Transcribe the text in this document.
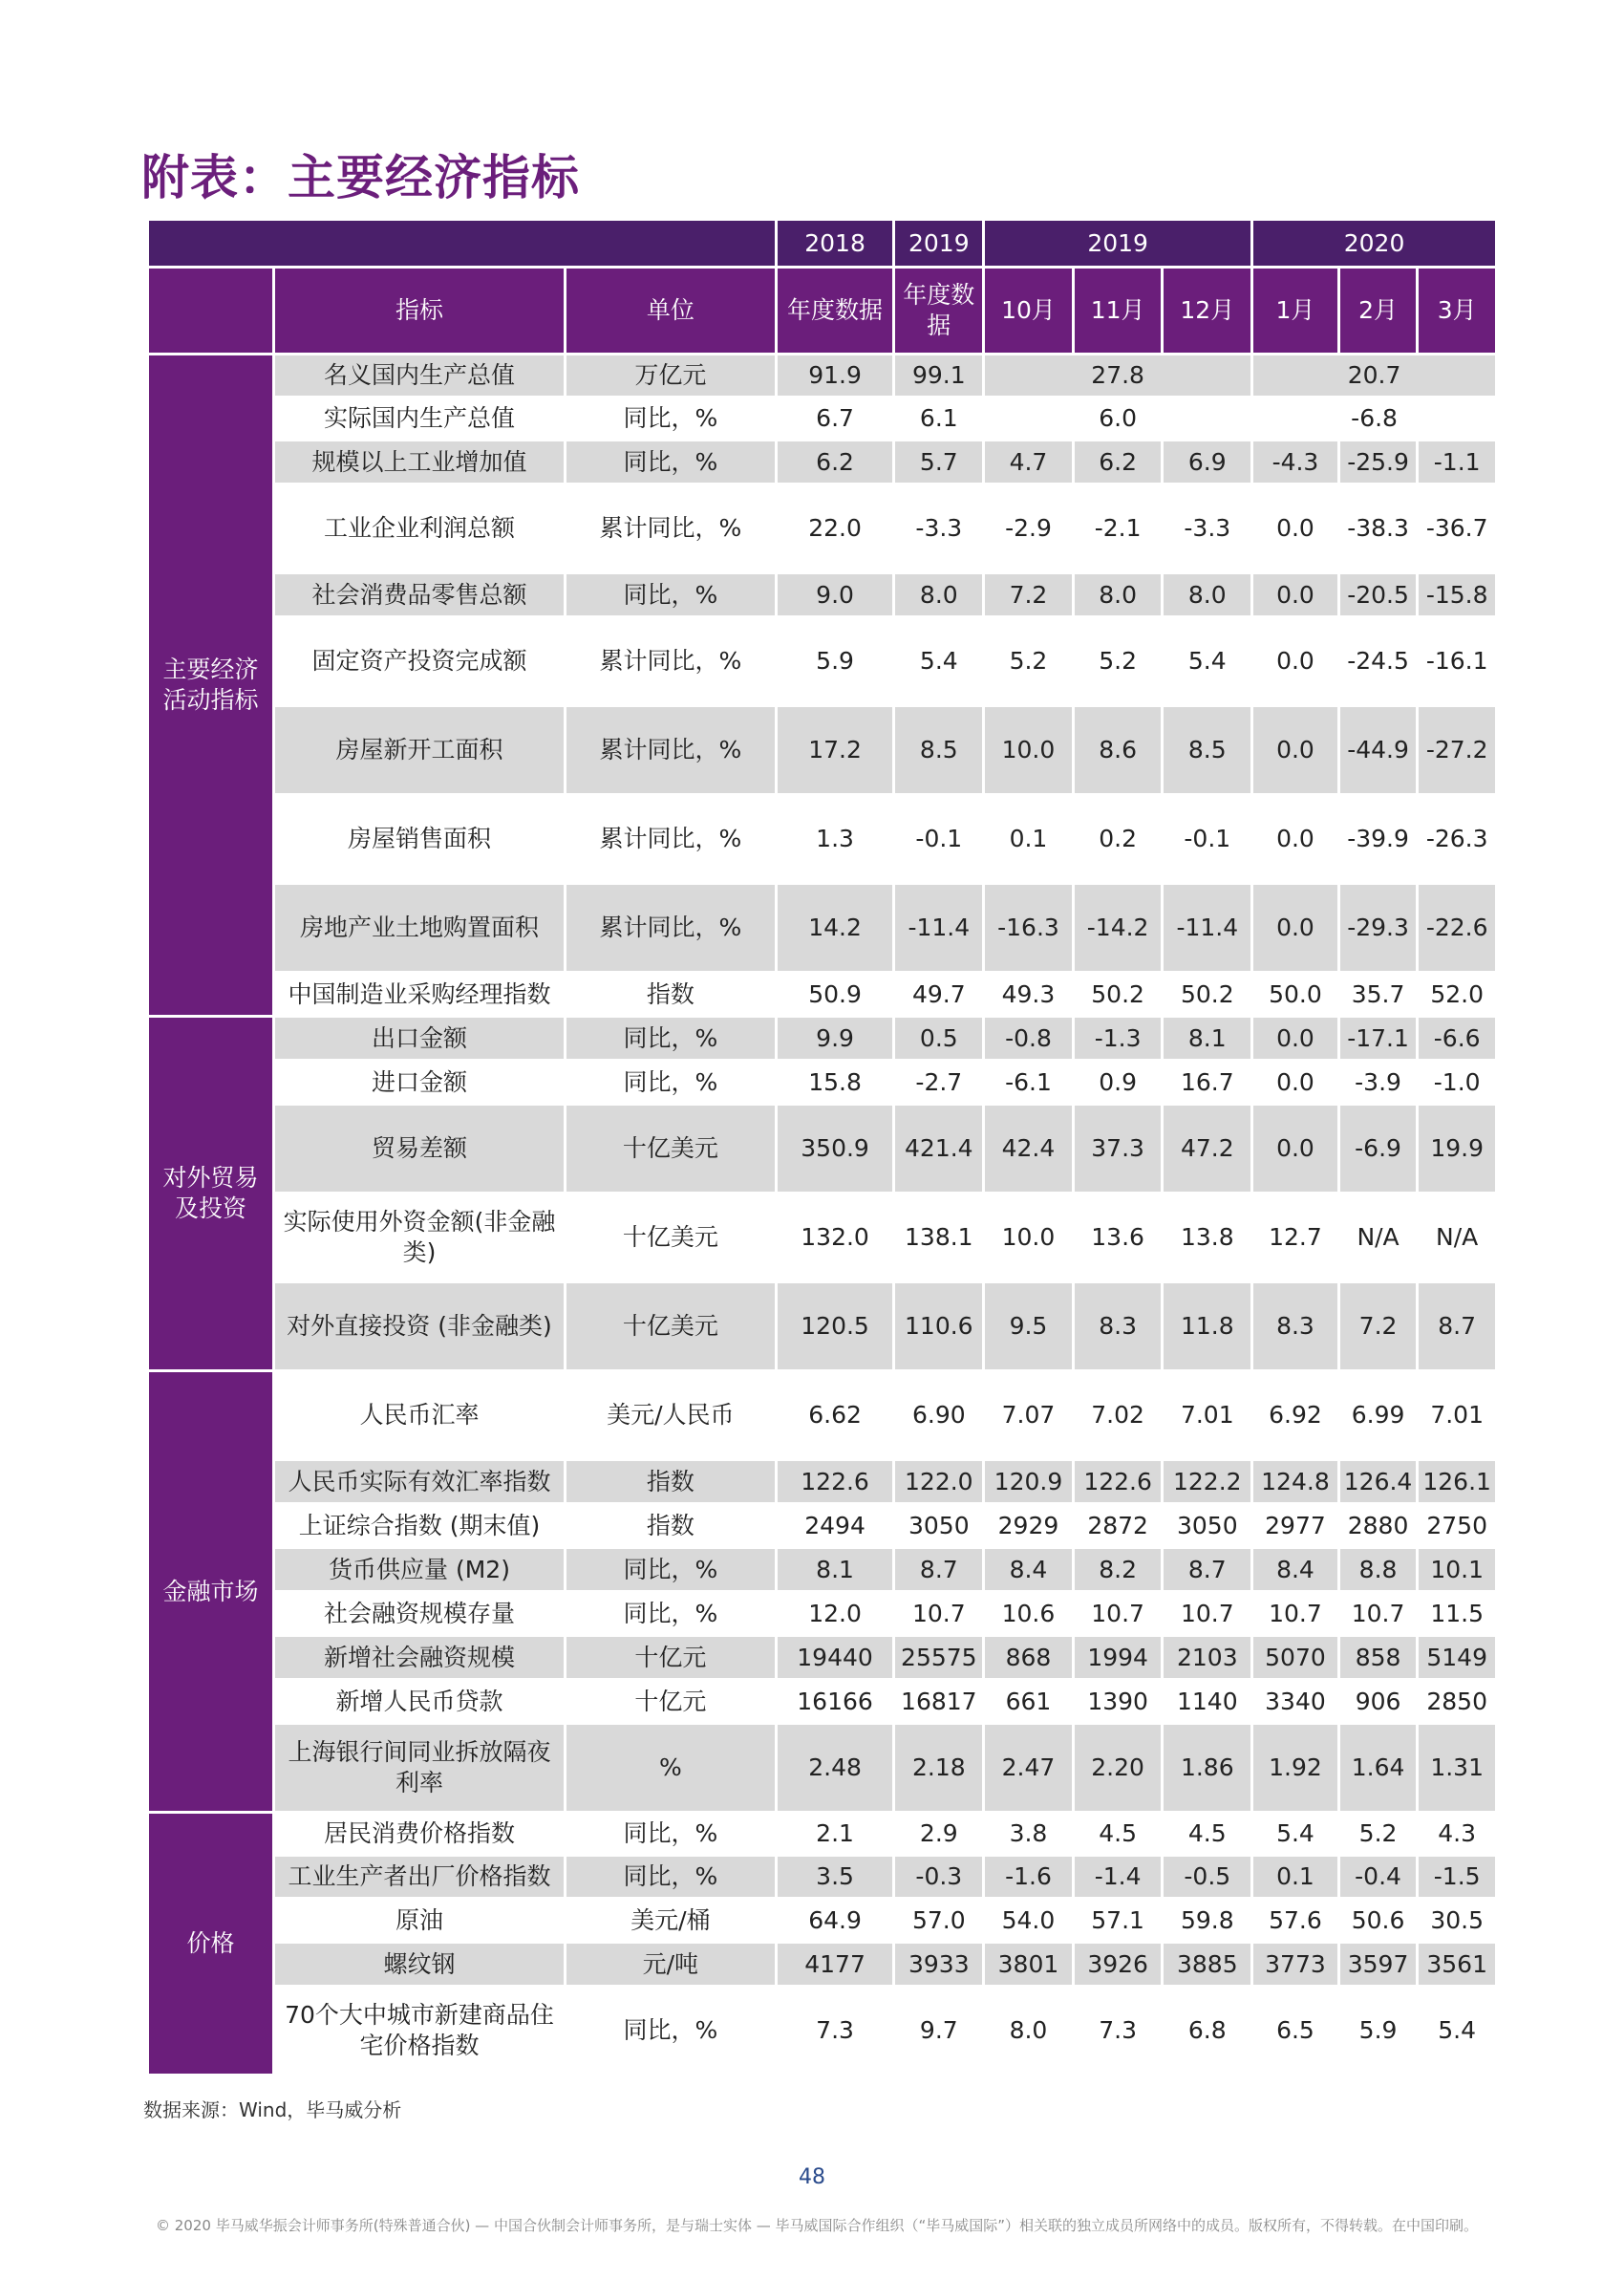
附表：主要经济指标
			2018	2019	2019			2020		
	指标	单位	年度数据	年度数据	10月	11月	12月	1月	2月	3月
主要经济活动指标	名义国内生产总值	万亿元	91.9	99.1	27.8			20.7		
	实际国内生产总值	同比，%	6.7	6.1	6.0			-6.8		
	规模以上工业增加值	同比，%	6.2	5.7	4.7	6.2	6.9	-4.3	-25.9	-1.1
	工业企业利润总额	累计同比，%	22.0	-3.3	-2.9	-2.1	-3.3	0.0	-38.3	-36.7
	社会消费品零售总额	同比，%	9.0	8.0	7.2	8.0	8.0	0.0	-20.5	-15.8
	固定资产投资完成额	累计同比，%	5.9	5.4	5.2	5.2	5.4	0.0	-24.5	-16.1
	房屋新开工面积	累计同比，%	17.2	8.5	10.0	8.6	8.5	0.0	-44.9	-27.2
	房屋销售面积	累计同比，%	1.3	-0.1	0.1	0.2	-0.1	0.0	-39.9	-26.3
	房地产业土地购置面积	累计同比，%	14.2	-11.4	-16.3	-14.2	-11.4	0.0	-29.3	-22.6
	中国制造业采购经理指数	指数	50.9	49.7	49.3	50.2	50.2	50.0	35.7	52.0
对外贸易及投资	出口金额	同比，%	9.9	0.5	-0.8	-1.3	8.1	0.0	-17.1	-6.6
	进口金额	同比，%	15.8	-2.7	-6.1	0.9	16.7	0.0	-3.9	-1.0
	贸易差额	十亿美元	350.9	421.4	42.4	37.3	47.2	0.0	-6.9	19.9
	实际使用外资金额(非金融类)	十亿美元	132.0	138.1	10.0	13.6	13.8	12.7	N/A	N/A
	对外直接投资 (非金融类)	十亿美元	120.5	110.6	9.5	8.3	11.8	8.3	7.2	8.7
金融市场	人民币汇率	美元/人民币	6.62	6.90	7.07	7.02	7.01	6.92	6.99	7.01
	人民币实际有效汇率指数	指数	122.6	122.0	120.9	122.6	122.2	124.8	126.4	126.1
	上证综合指数 (期末值)	指数	2494	3050	2929	2872	3050	2977	2880	2750
	货币供应量 (M2)	同比，%	8.1	8.7	8.4	8.2	8.7	8.4	8.8	10.1
	社会融资规模存量	同比，%	12.0	10.7	10.6	10.7	10.7	10.7	10.7	11.5
	新增社会融资规模	十亿元	19440	25575	868	1994	2103	5070	858	5149
	新增人民币贷款	十亿元	16166	16817	661	1390	1140	3340	906	2850
	上海银行间同业拆放隔夜利率	%	2.48	2.18	2.47	2.20	1.86	1.92	1.64	1.31
价格	居民消费价格指数	同比，%	2.1	2.9	3.8	4.5	4.5	5.4	5.2	4.3
	工业生产者出厂价格指数	同比，%	3.5	-0.3	-1.6	-1.4	-0.5	0.1	-0.4	-1.5
	原油	美元/桶	64.9	57.0	54.0	57.1	59.8	57.6	50.6	30.5
	螺纹钢	元/吨	4177	3933	3801	3926	3885	3773	3597	3561
	70个大中城市新建商品住宅价格指数	同比，%	7.3	9.7	8.0	7.3	6.8	6.5	5.9	5.4
数据来源：Wind，毕马威分析
48
© 2020 毕马威华振会计师事务所(特殊普通合伙) — 中国合伙制会计师事务所，是与瑞士实体 — 毕马威国际合作组织（“毕马威国际”）相关联的独立成员所网络中的成员。版权所有，不得转载。在中国印刷。
